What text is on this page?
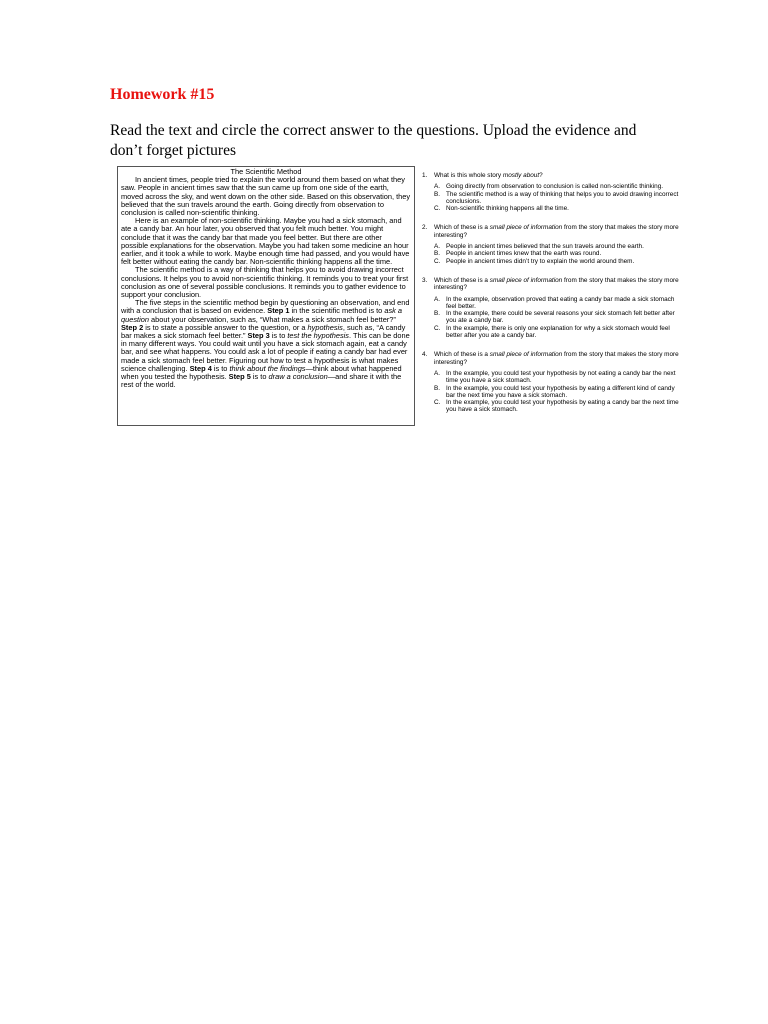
Homework #15
Read the text and circle the correct answer to the questions. Upload the evidence and don’t forget pictures
The Scientific Method

In ancient times, people tried to explain the world around them based on what they saw. People in ancient times saw that the sun came up from one side of the earth, moved across the sky, and went down on the other side. Based on this observation, they believed that the sun travels around the earth. Going directly from observation to conclusion is called non-scientific thinking.

Here is an example of non-scientific thinking. Maybe you had a sick stomach, and ate a candy bar. An hour later, you observed that you felt much better. You might conclude that it was the candy bar that made you feel better. But there are other possible explanations for the observation. Maybe you had taken some medicine an hour earlier, and it took a while to work. Maybe enough time had passed, and you would have felt better without eating the candy bar. Non-scientific thinking happens all the time.

The scientific method is a way of thinking that helps you to avoid drawing incorrect conclusions. It helps you to avoid non-scientific thinking. It reminds you to treat your first conclusion as one of several possible conclusions. It reminds you to gather evidence to support your conclusion.

The five steps in the scientific method begin by questioning an observation, and end with a conclusion that is based on evidence. Step 1 in the scientific method is to ask a question about your observation, such as, “What makes a sick stomach feel better?” Step 2 is to state a possible answer to the question, or a hypothesis, such as, “A candy bar makes a sick stomach feel better.” Step 3 is to test the hypothesis. This can be done in many different ways. You could wait until you have a sick stomach again, eat a candy bar, and see what happens. You could ask a lot of people if eating a candy bar had ever made a sick stomach feel better. Figuring out how to test a hypothesis is what makes science challenging. Step 4 is to think about the findings—think about what happened when you tested the hypothesis. Step 5 is to draw a conclusion—and share it with the rest of the world.

1.	What is this whole story mostly about?
A. Going directly from observation to conclusion is called non-scientific thinking.
B. The scientific method is a way of thinking that helps you to avoid drawing incorrect conclusions.
C. Non-scientific thinking happens all the time.
2.	Which of these is a small piece of information from the story that makes the story more interesting?
A. People in ancient times believed that the sun travels around the earth.
B. People in ancient times knew that the earth was round.
C. People in ancient times didn’t try to explain the world around them.
3.	Which of these is a small piece of information from the story that makes the story more interesting?
A. In the example, observation proved that eating a candy bar made a sick stomach feel better.
B. In the example, there could be several reasons your sick stomach felt better after you ate a candy bar.
C. In the example, there is only one explanation for why a sick stomach would feel better after you ate a candy bar.
4.	Which of these is a small piece of information from the story that makes the story more interesting?
A. In the example, you could test your hypothesis by not eating a candy bar the next time you have a sick stomach.
B. In the example, you could test your hypothesis by eating a different kind of candy bar the next time you have a sick stomach.
C. In the example, you could test your hypothesis by eating a candy bar the next time you have a sick stomach.
